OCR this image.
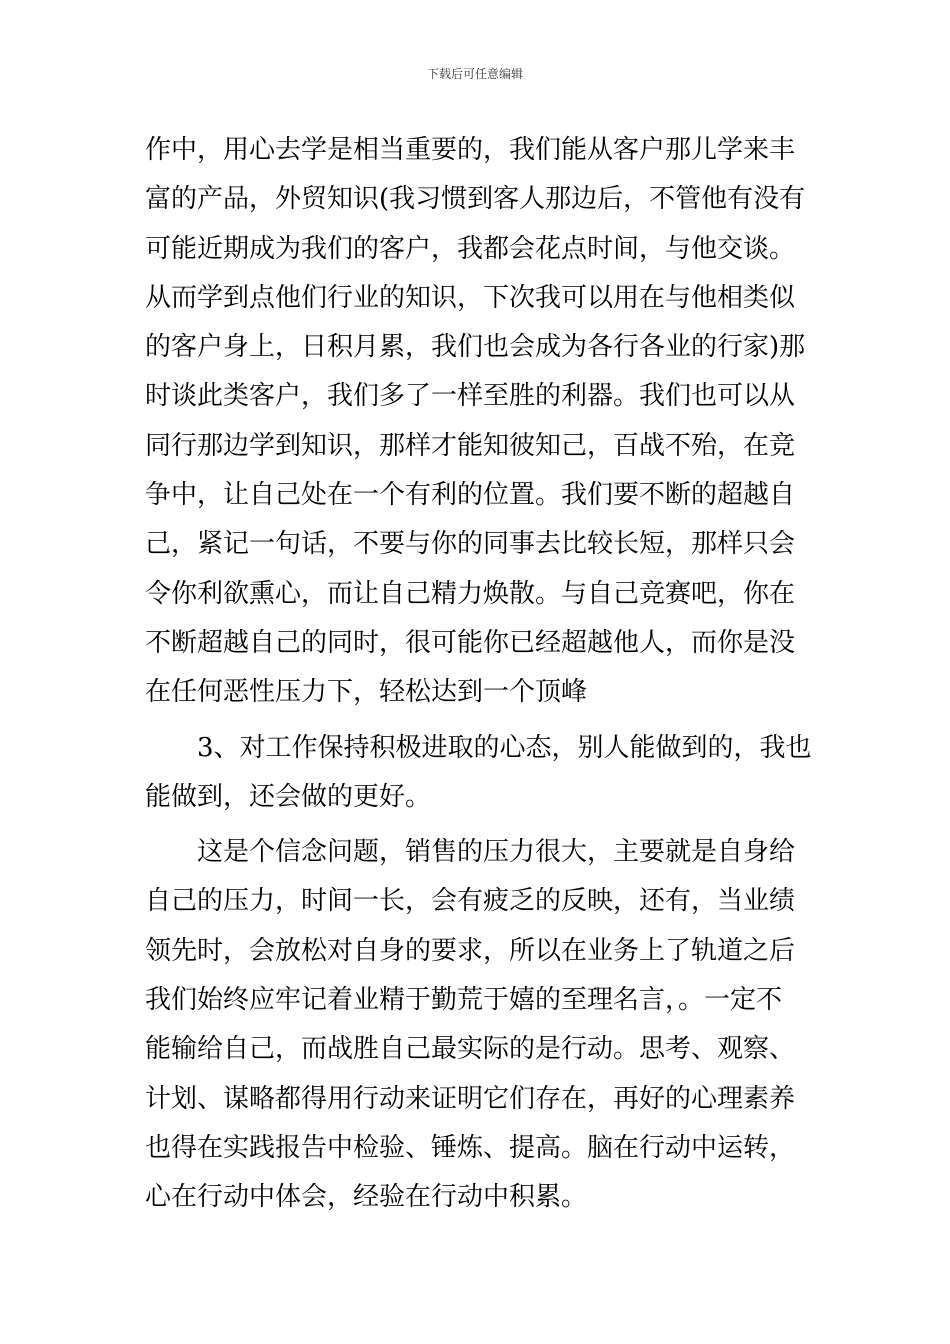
下载后可任意编辑
作中，用心去学是相当重要的，我们能从客户那儿学来丰
富的产品，外贸知识(我习惯到客人那边后，不管他有没有
可能近期成为我们的客户，我都会花点时间，与他交谈。
从而学到点他们行业的知识，下次我可以用在与他相类似
的客户身上，日积月累，我们也会成为各行各业的行家)那
时谈此类客户，我们多了一样至胜的利器。我们也可以从
同行那边学到知识，那样才能知彼知己，百战不殆，在竞
争中，让自己处在一个有利的位置。我们要不断的超越自
己，紧记一句话，不要与你的同事去比较长短，那样只会
令你利欲熏心，而让自己精力焕散。与自己竞赛吧，你在
不断超越自己的同时，很可能你已经超越他人，而你是没
在任何恶性压力下，轻松达到一个顶峰
3、对工作保持积极进取的心态，别人能做到的，我也
能做到，还会做的更好。
这是个信念问题，销售的压力很大，主要就是自身给
自己的压力，时间一长，会有疲乏的反映，还有，当业绩
领先时，会放松对自身的要求，所以在业务上了轨道之后
我们始终应牢记着业精于勤荒于嬉的至理名言，。一定不
能输给自己，而战胜自己最实际的是行动。思考、观察、
计划、谋略都得用行动来证明它们存在，再好的心理素养
也得在实践报告中检验、锤炼、提高。脑在行动中运转，
心在行动中体会，经验在行动中积累。
